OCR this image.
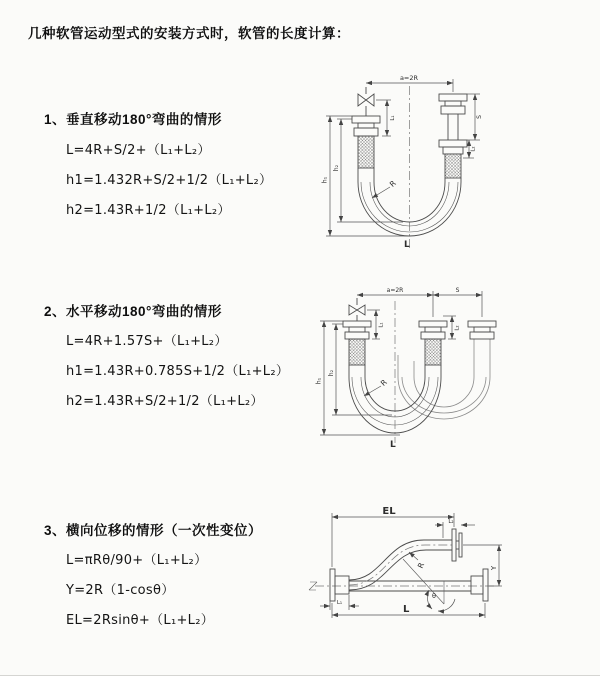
几种软管运动型式的安装方式时，软管的长度计算：
1、垂直移动180°弯曲的情形
L=4R+S/2+（L₁+L₂）
h1=1.432R+S/2+1/2（L₁+L₂）
h2=1.43R+1/2（L₁+L₂）
2、水平移动180°弯曲的情形
L=4R+1.57S+（L₁+L₂）
h1=1.43R+0.785S+1/2（L₁+L₂）
h2=1.43R+S/2+1/2（L₁+L₂）
3、横向位移的情形（一次性变位）
L=πRθ/90+（L₁+L₂）
Y=2R（1-cosθ）
EL=2Rsinθ+（L₁+L₂）
a=2R
S
L₂
h₁
h₂
L₁
R
L
a=2R	S
h₁
h₂
L₁
L₂
R
L
θ
R
EL
L₂
Y
L₁
L
